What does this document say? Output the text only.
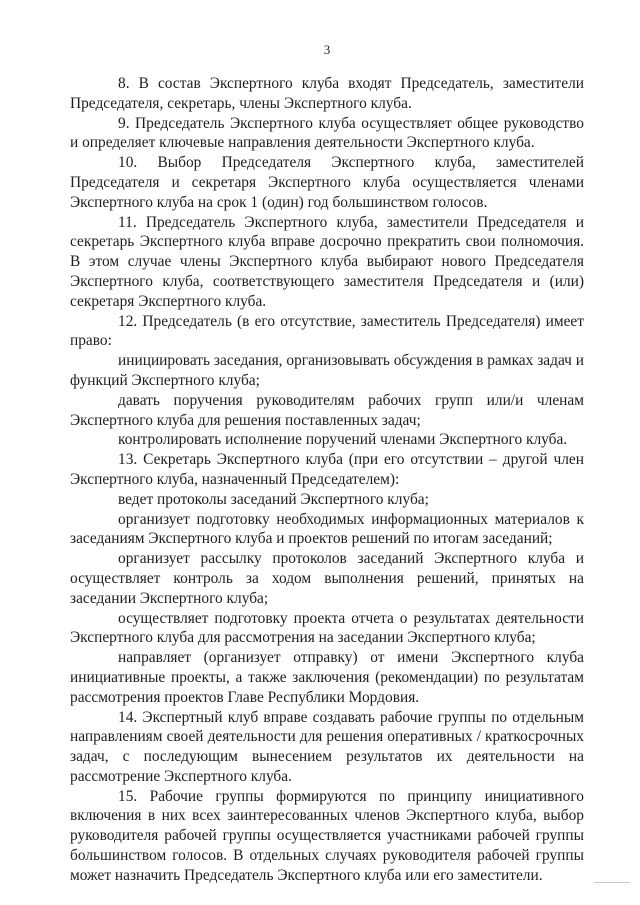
3

8. В состав Экспертного клуба входят Председатель, заместители Председателя, секретарь, члены Экспертного клуба.

9. Председатель Экспертного клуба осуществляет общее руководство и определяет ключевые направления деятельности Экспертного клуба.

10. Выбор Председателя Экспертного клуба, заместителей Председателя и секретаря Экспертного клуба осуществляется членами Экспертного клуба на срок 1 (один) год большинством голосов.

11. Председатель Экспертного клуба, заместители Председателя и секретарь Экспертного клуба вправе досрочно прекратить свои полномочия. В этом случае члены Экспертного клуба выбирают нового Председателя Экспертного клуба, соответствующего заместителя Председателя и (или) секретаря Экспертного клуба.

12. Председатель (в его отсутствие, заместитель Председателя) имеет право:

инициировать заседания, организовывать обсуждения в рамках задач и функций Экспертного клуба;

давать поручения руководителям рабочих групп или/и членам Экспертного клуба для решения поставленных задач;

контролировать исполнение поручений членами Экспертного клуба.

13. Секретарь Экспертного клуба (при его отсутствии – другой член Экспертного клуба, назначенный Председателем):

ведет протоколы заседаний Экспертного клуба;

организует подготовку необходимых информационных материалов к заседаниям Экспертного клуба и проектов решений по итогам заседаний;

организует рассылку протоколов заседаний Экспертного клуба и осуществляет контроль за ходом выполнения решений, принятых на заседании Экспертного клуба;

осуществляет подготовку проекта отчета о результатах деятельности Экспертного клуба для рассмотрения на заседании Экспертного клуба;

направляет (организует отправку) от имени Экспертного клуба инициативные проекты, а также заключения (рекомендации) по результатам рассмотрения проектов Главе Республики Мордовия.

14. Экспертный клуб вправе создавать рабочие группы по отдельным направлениям своей деятельности для решения оперативных / краткосрочных задач, с последующим вынесением результатов их деятельности на рассмотрение Экспертного клуба.

15. Рабочие группы формируются по принципу инициативного включения в них всех заинтересованных членов Экспертного клуба, выбор руководителя рабочей группы осуществляется участниками рабочей группы большинством голосов. В отдельных случаях руководителя рабочей группы может назначить Председатель Экспертного клуба или его заместители.
